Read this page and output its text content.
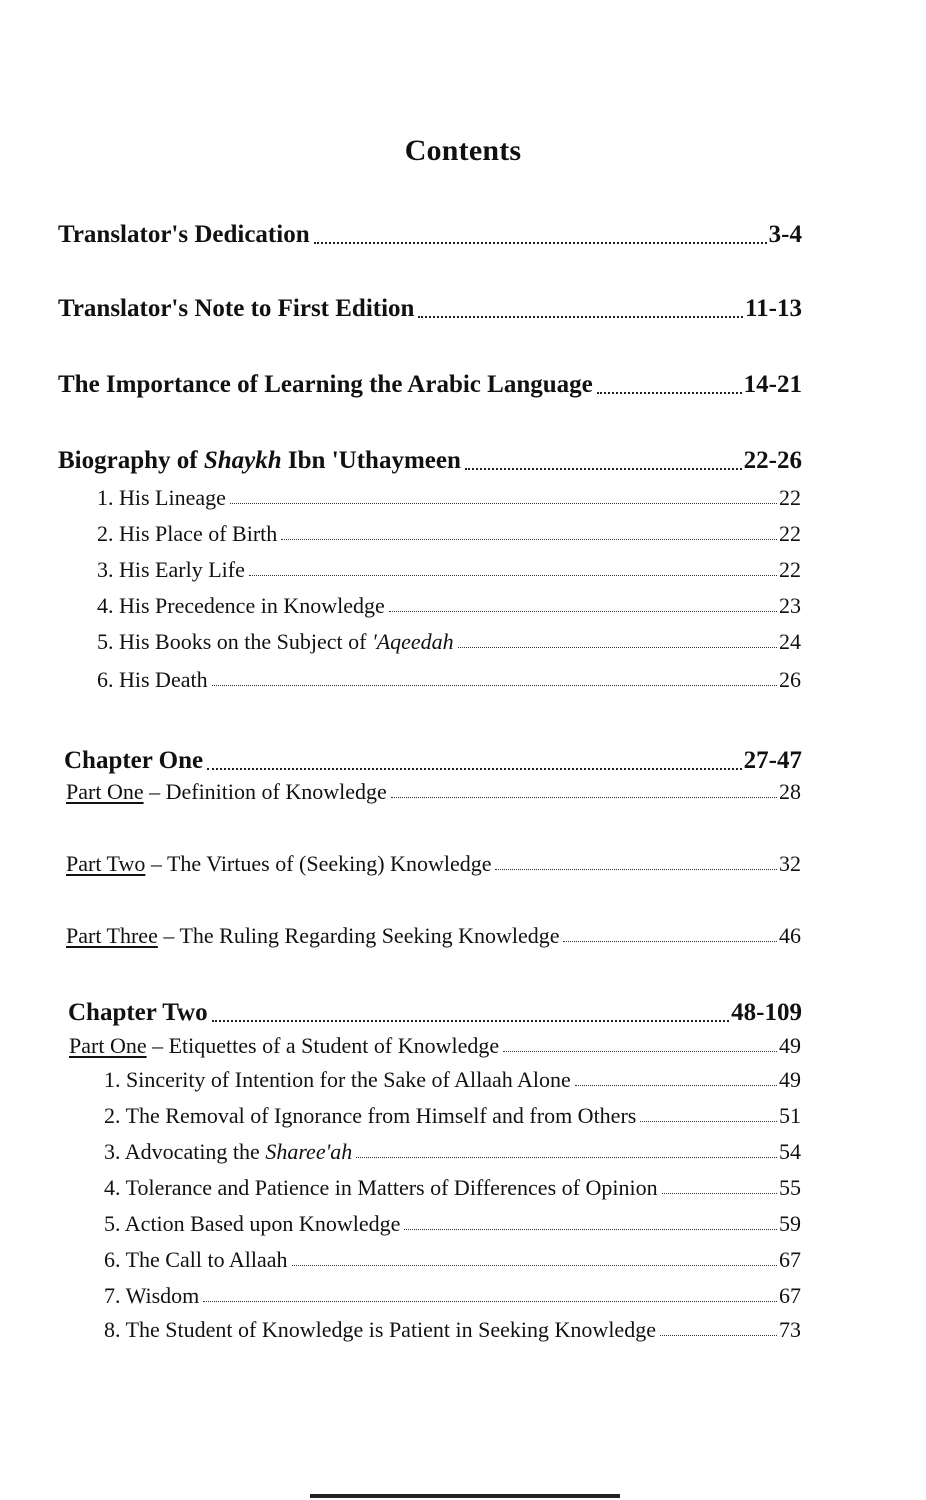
Contents
Translator's Dedication	3-4
Translator's Note to First Edition	11-13
The Importance of Learning the Arabic Language	14-21
Biography of Shaykh Ibn 'Uthaymeen	22-26
1. His Lineage	22
2. His Place of Birth	22
3. His Early Life	22
4. His Precedence in Knowledge	23
5. His Books on the Subject of 'Aqeedah	24
6. His Death	26
Chapter One	27-47
Part One – Definition of Knowledge	28
Part Two – The Virtues of (Seeking) Knowledge	32
Part Three – The Ruling Regarding Seeking Knowledge	46
Chapter Two	48-109
Part One – Etiquettes of a Student of Knowledge	49
1. Sincerity of Intention for the Sake of Allaah Alone	49
2. The Removal of Ignorance from Himself and from Others	51
3. Advocating the Sharee'ah	54
4. Tolerance and Patience in Matters of Differences of Opinion	55
5. Action Based upon Knowledge	59
6. The Call to Allaah	67
7. Wisdom	67
8. The Student of Knowledge is Patient in Seeking Knowledge	73
